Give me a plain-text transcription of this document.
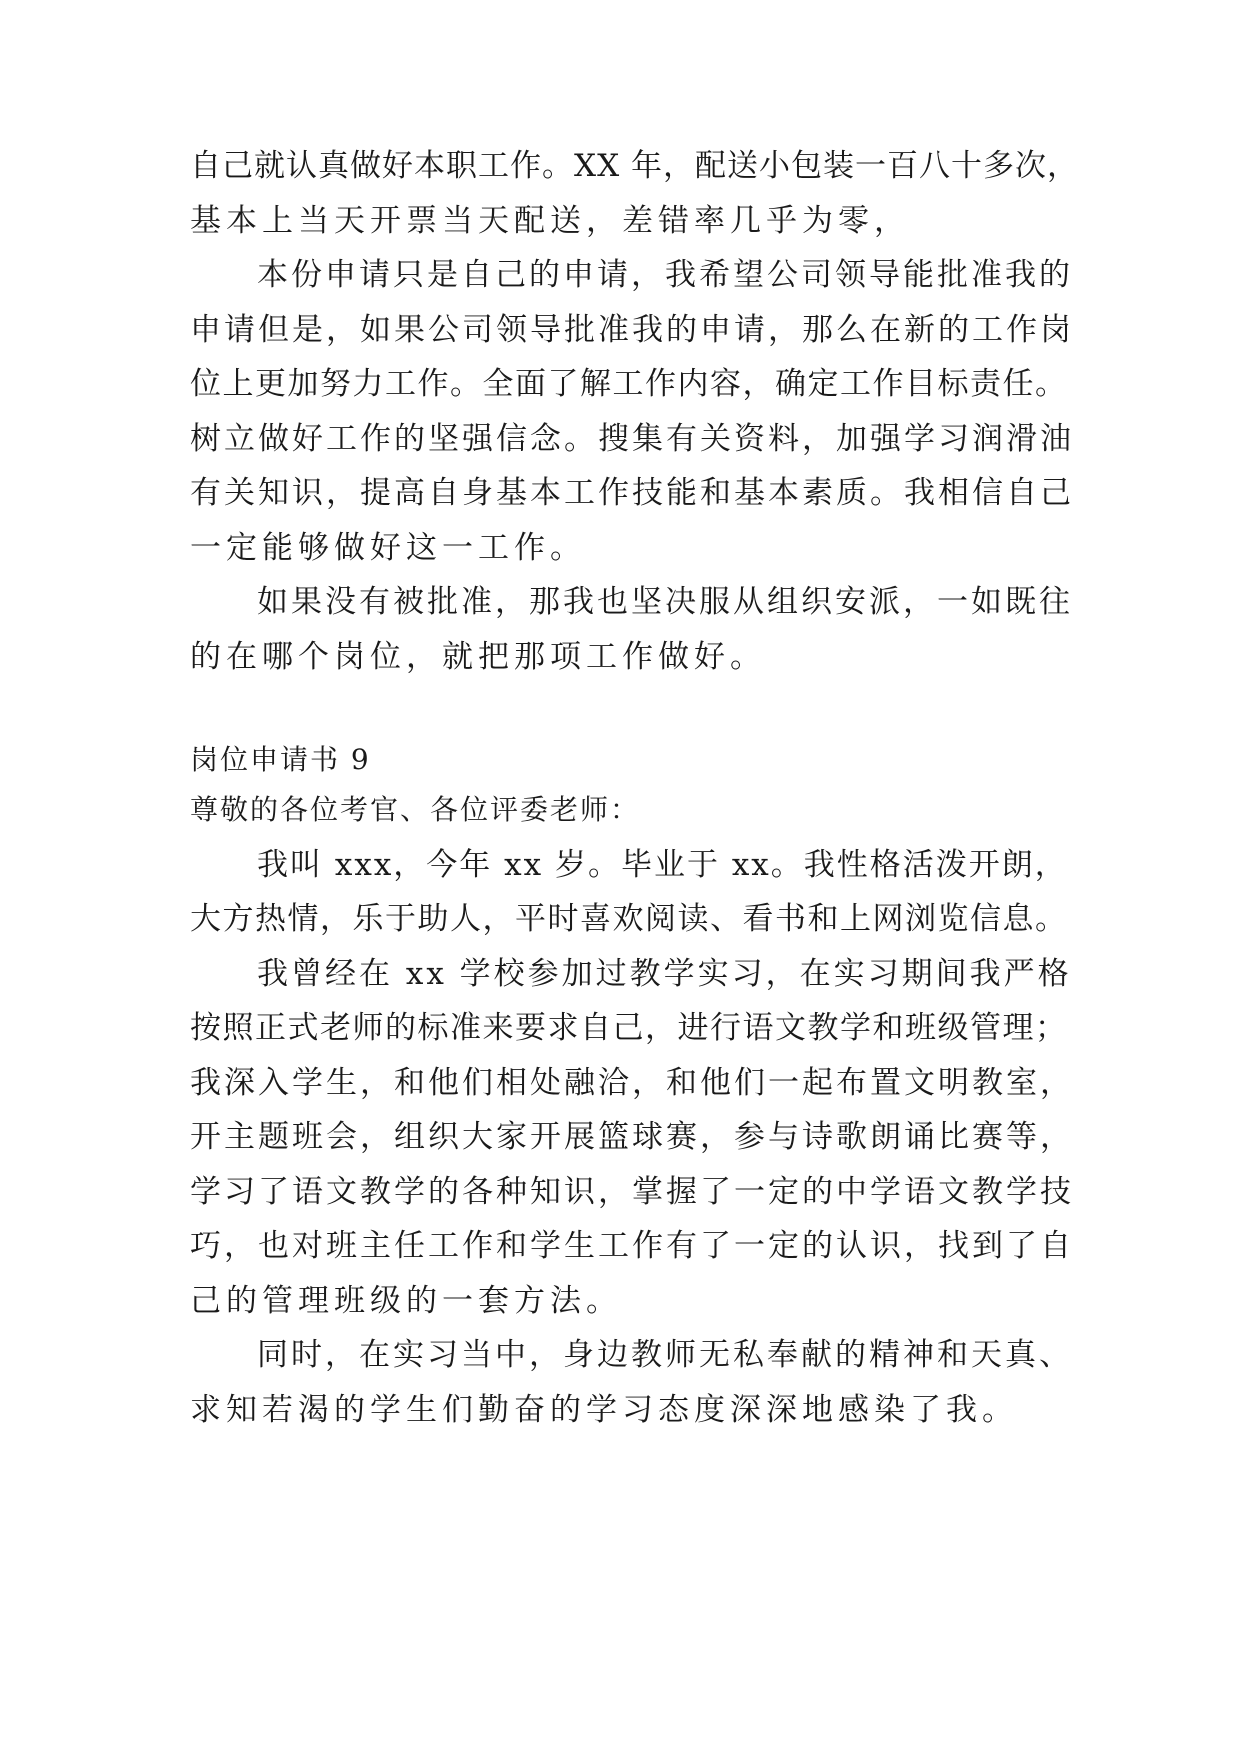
自己就认真做好本职工作。XX 年，配送小包装一百八十多次，
基本上当天开票当天配送，差错率几乎为零，
本份申请只是自己的申请，我希望公司领导能批准我的
申请但是，如果公司领导批准我的申请，那么在新的工作岗
位上更加努力工作。全面了解工作内容，确定工作目标责任。
树立做好工作的坚强信念。搜集有关资料，加强学习润滑油
有关知识，提高自身基本工作技能和基本素质。我相信自己
一定能够做好这一工作。
如果没有被批准，那我也坚决服从组织安派，一如既往
的在哪个岗位，就把那项工作做好。
岗位申请书 9
尊敬的各位考官、各位评委老师：
我叫 xxx，今年 xx 岁。毕业于 xx。我性格活泼开朗，
大方热情，乐于助人，平时喜欢阅读、看书和上网浏览信息。
我曾经在 xx 学校参加过教学实习，在实习期间我严格
按照正式老师的标准来要求自己，进行语文教学和班级管理；
我深入学生，和他们相处融洽，和他们一起布置文明教室，
开主题班会，组织大家开展篮球赛，参与诗歌朗诵比赛等，
学习了语文教学的各种知识，掌握了一定的中学语文教学技
巧，也对班主任工作和学生工作有了一定的认识，找到了自
己的管理班级的一套方法。
同时，在实习当中，身边教师无私奉献的精神和天真、
求知若渴的学生们勤奋的学习态度深深地感染了我。
